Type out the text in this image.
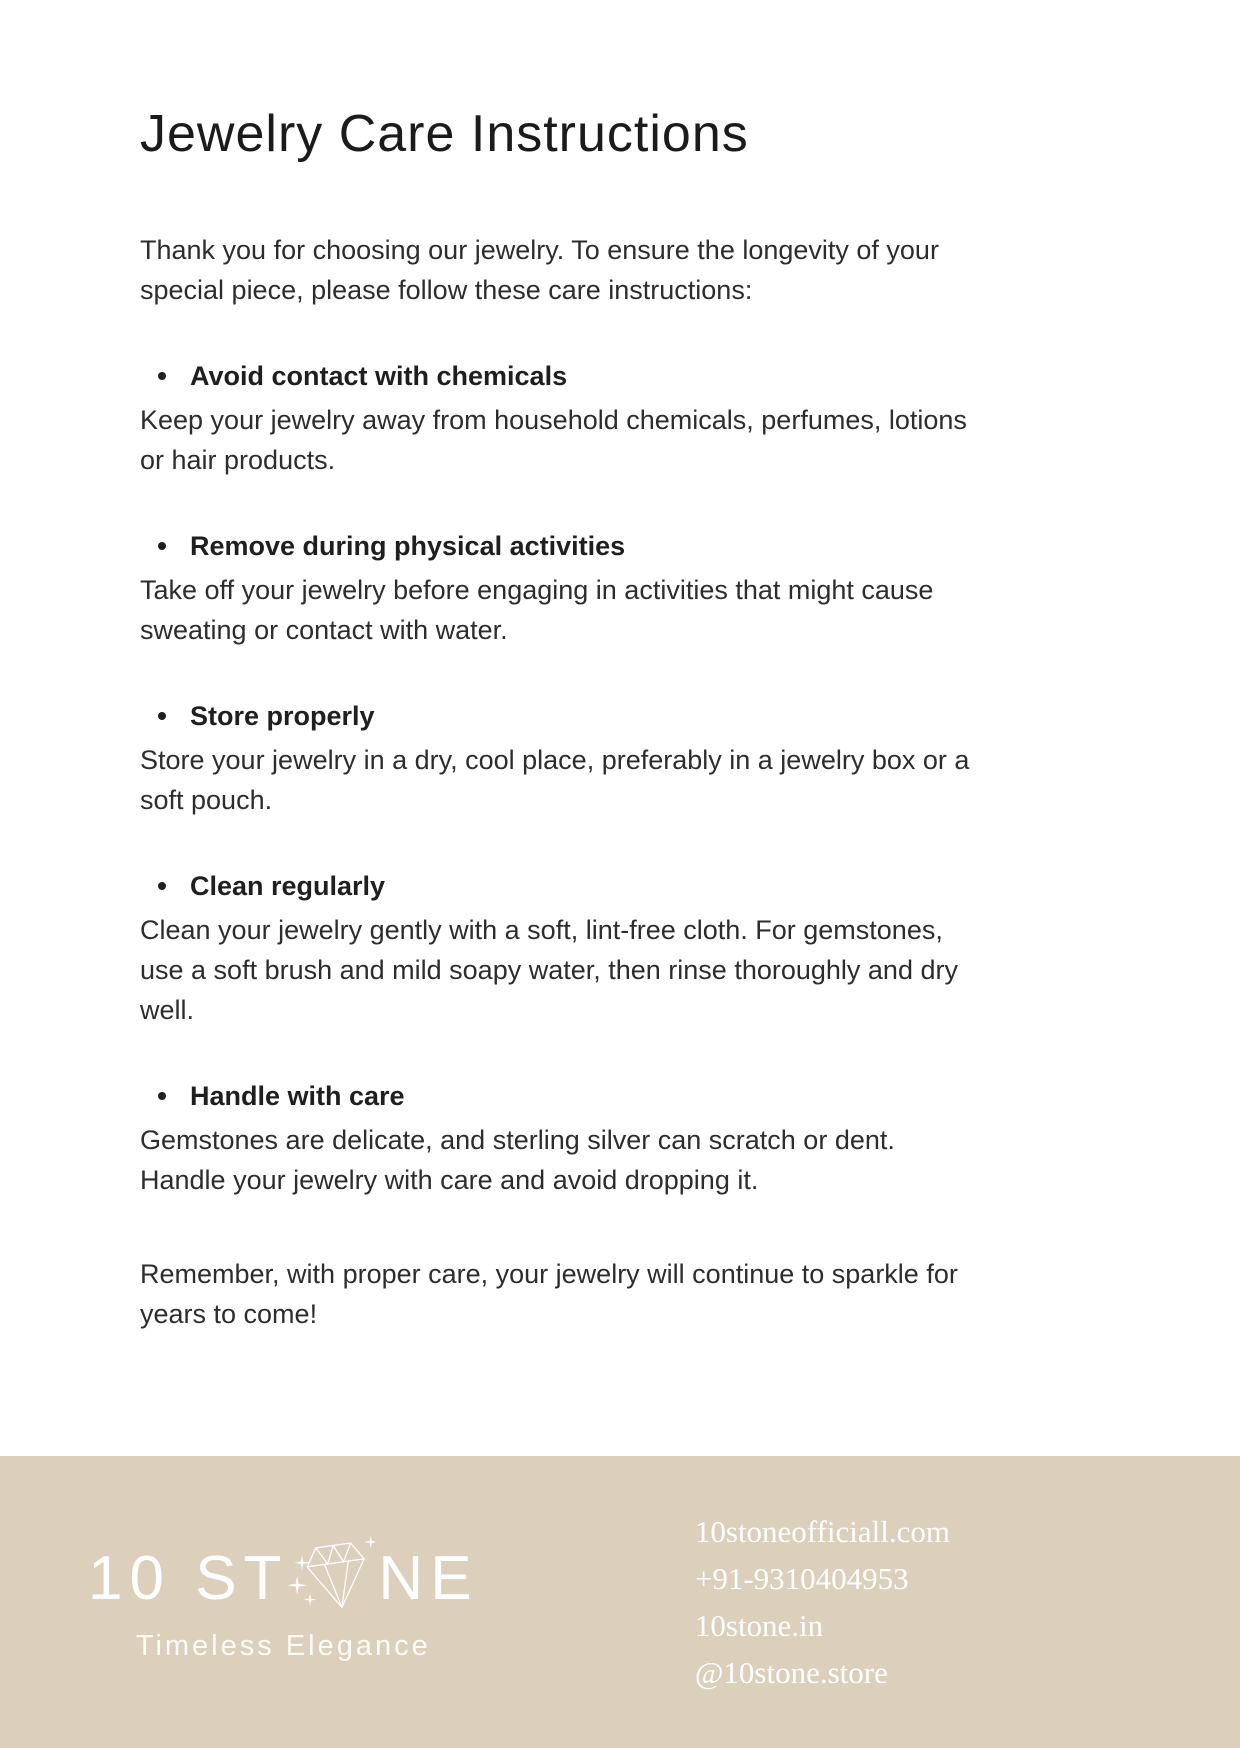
Jewelry Care Instructions

Thank you for choosing our jewelry. To ensure the longevity of your special piece, please follow these care instructions:

Avoid contact with chemicals

Keep your jewelry away from household chemicals, perfumes, lotions or hair products.

Remove during physical activities

Take off your jewelry before engaging in activities that might cause sweating or contact with water.

Store properly

Store your jewelry in a dry, cool place, preferably in a jewelry box or a soft pouch.

Clean regularly

Clean your jewelry gently with a soft, lint-free cloth. For gemstones, use a soft brush and mild soapy water, then rinse thoroughly and dry well.

Handle with care

Gemstones are delicate, and sterling silver can scratch or dent. Handle your jewelry with care and avoid dropping it.

Remember, with proper care, your jewelry will continue to sparkle for years to come!

10 ST NE
Timeless Elegance
10stoneofficiall.com
+91-9310404953
10stone.in
@10stone.store
